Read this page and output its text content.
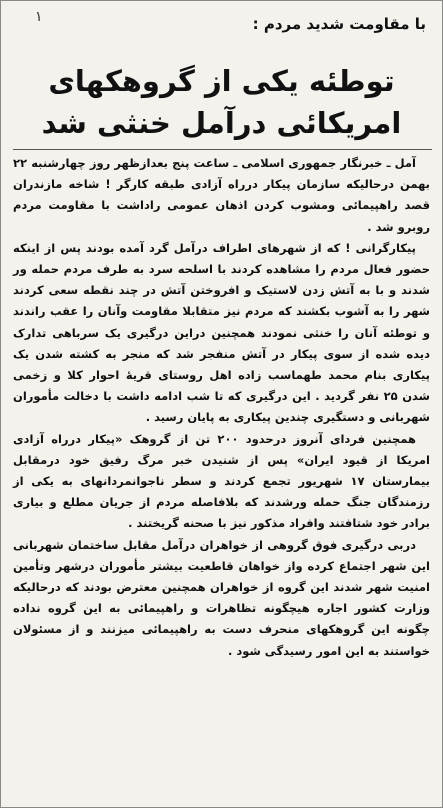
۱	با مقاومت شدید مردم :
توطئه یکی از گروهکهای
امریکائی درآمل خنثی شد

آمل ـ خبرنگار جمهوری اسلامی ـ ساعت پنج بعدازظهر روز چهارشنبه ۲۲ بهمن درحالیکه سازمان پیکار درراه آزادی طبقه کارگر ! شاخه مازندران قصد راهپیمائی ومشوب کردن اذهان عمومی راداشت با مقاومت مردم روبرو شد .

پیکارگرانی ! که از شهرهای اطراف درآمل گرد آمده بودند پس از اینکه حضور فعال مردم را مشاهده کردند با اسلحه سرد به طرف مردم حمله ور شدند و با به آتش زدن لاستیک و افروختن آتش در چند نقطه سعی کردند شهر را به آشوب بکشند که مردم نیز متقابلا مقاومت وآنان را عقب راندند و توطئه آنان را خنثی نمودند همچنین دراین درگیری یک سرباهی تدارک دیده شده از سوی پیکار در آتش منفجر شد که منجر به کشته شدن یک پیکاری بنام محمد طهماسب زاده اهل روستای قریهٔ احوار کلا و زخمی شدن ۲۵ نفر گردید . این درگیری که تا شب ادامه داشت با دخالت مأموران شهربانی و دستگیری چندین پیکاری به پایان رسید .

همچنین فردای آنروز درحدود ۲۰۰ تن از گروهک «پیکار درراه آزادی امریکا از قیود ایران» پس از شنیدن خبر مرگ رفیق خود درمقابل بیمارستان ۱۷ شهریور تجمع کردند و سطر ناجوانمردانهای به یکی از رزمندگان جنگ حمله ورشدند که بلافاصله مردم از جریان مطلع و بیاری برادر خود شتافتند وافراد مذکور نیز با صحنه گریختند .

دربی درگیری فوق گروهی از خواهران درآمل مقابل ساختمان شهربانی این شهر اجتماع کرده واز خواهان قاطعیت بیشتر مأموران درشهر وتأمین امنیت شهر شدند این گروه از خواهران همچنین معترض بودند که درحالیکه وزارت کشور اجاره هیچگونه تظاهرات و راهپیمائی به این گروه نداده چگونه این گروهکهای منحرف دست به راهپیمائی میزنند و از مسئولان خواستند به این امور رسیدگی شود .
